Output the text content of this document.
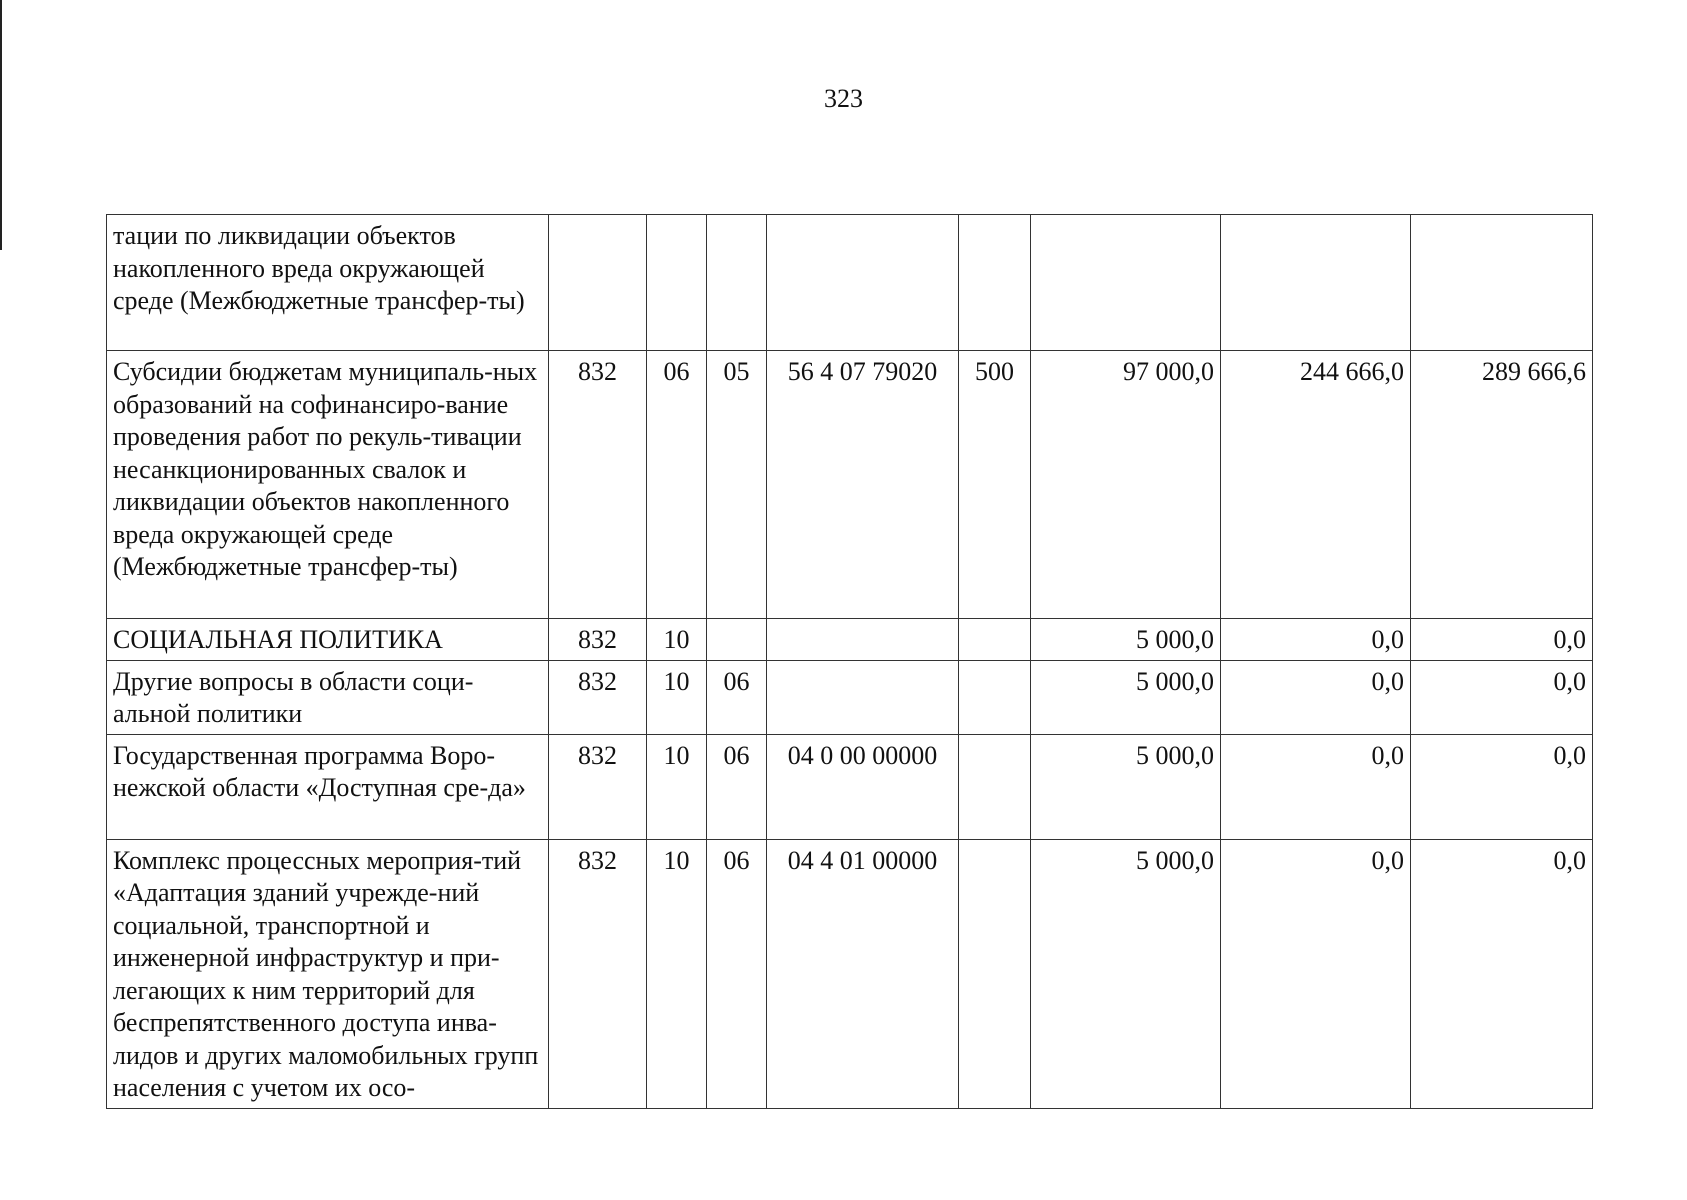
323
тации по ликвидации объектов накопленного вреда окружающей среде (Межбюджетные трансфер-ты)								
Субсидии бюджетам муниципаль-ных образований на софинансиро-вание проведения работ по рекуль-тивации несанкционированных свалок и ликвидации объектов накопленного вреда окружающей среде (Межбюджетные трансфер-ты)	832	06	05	56 4 07 79020	500	97 000,0	244 666,0	289 666,6
СОЦИАЛЬНАЯ ПОЛИТИКА	832	10				5 000,0	0,0	0,0
Другие вопросы в области соци-альной политики	832	10	06			5 000,0	0,0	0,0
Государственная программа Воро-нежской области «Доступная сре-да»	832	10	06	04 0 00 00000		5 000,0	0,0	0,0
Комплекс процессных мероприя-тий «Адаптация зданий учрежде-ний социальной, транспортной и инженерной инфраструктур и при-легающих к ним территорий для беспрепятственного доступа инва-лидов и других маломобильных групп населения с учетом их осо-	832	10	06	04 4 01 00000		5 000,0	0,0	0,0
